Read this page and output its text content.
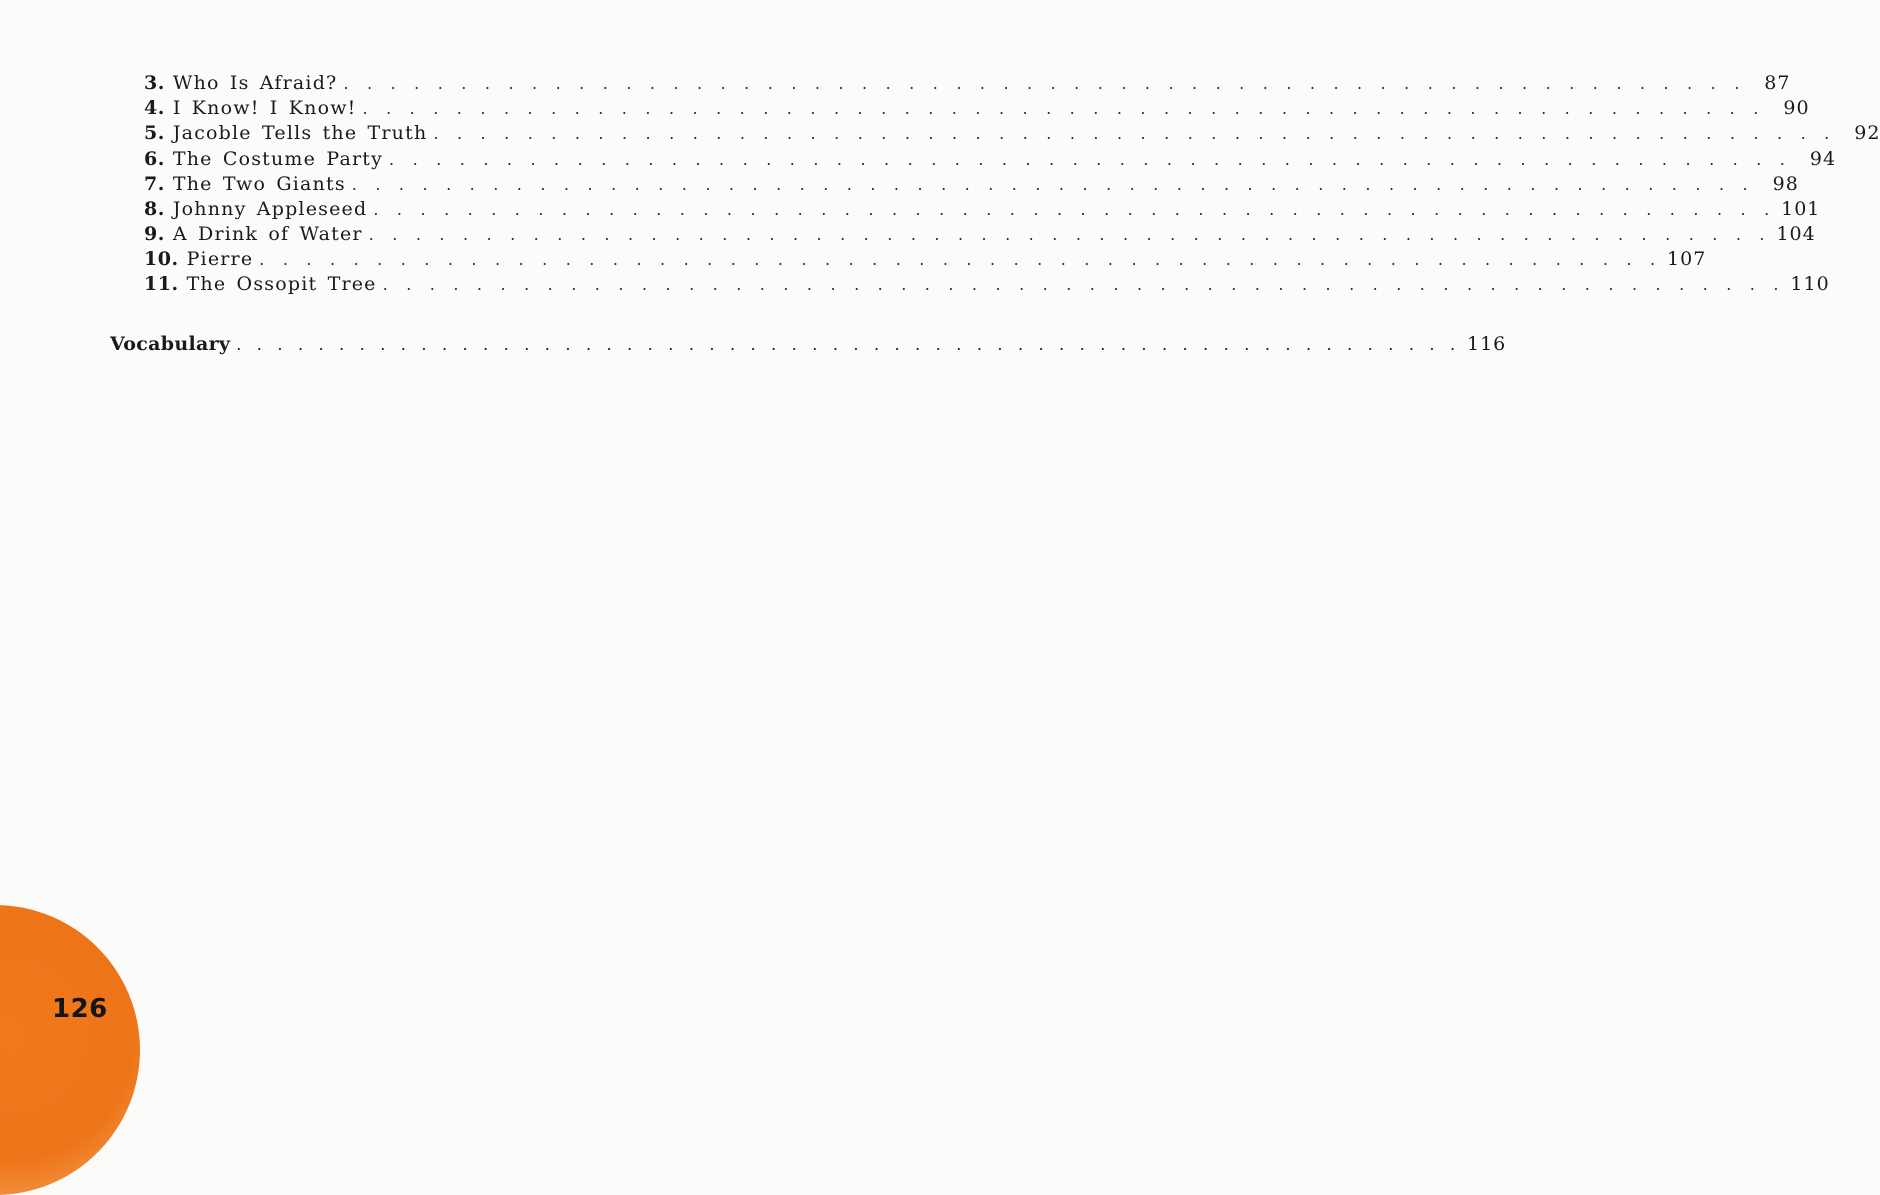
3. Who Is Afraid? . . . . . . . . . . . . . . . . . . . . . . . . . . . . . . . . . . . . . . . . . . . . . . . . . . . . . . . . . . . .	87
4. I Know! I Know! . . . . . . . . . . . . . . . . . . . . . . . . . . . . . . . . . . . . . . . . . . . . . . . . . . . . . . . . . . . .	90
5. Jacoble Tells the Truth . . . . . . . . . . . . . . . . . . . . . . . . . . . . . . . . . . . . . . . . . . . . . . . . . . . . . . . . . . . .	92
6. The Costume Party . . . . . . . . . . . . . . . . . . . . . . . . . . . . . . . . . . . . . . . . . . . . . . . . . . . . . . . . . . . .	94
7. The Two Giants . . . . . . . . . . . . . . . . . . . . . . . . . . . . . . . . . . . . . . . . . . . . . . . . . . . . . . . . . . . .	98
8. Johnny Appleseed . . . . . . . . . . . . . . . . . . . . . . . . . . . . . . . . . . . . . . . . . . . . . . . . . . . . . . . . . . . . 101
9. A Drink of Water . . . . . . . . . . . . . . . . . . . . . . . . . . . . . . . . . . . . . . . . . . . . . . . . . . . . . . . . . . . . 104
10. Pierre . . . . . . . . . . . . . . . . . . . . . . . . . . . . . . . . . . . . . . . . . . . . . . . . . . . . . . . . . . . . 107
11. The Ossopit Tree . . . . . . . . . . . . . . . . . . . . . . . . . . . . . . . . . . . . . . . . . . . . . . . . . . . . . . . . . . . . 110
Vocabulary . . . . . . . . . . . . . . . . . . . . . . . . . . . . . . . . . . . . . . . . . . . . . . . . . . . . . . . . . . . . 116
126
